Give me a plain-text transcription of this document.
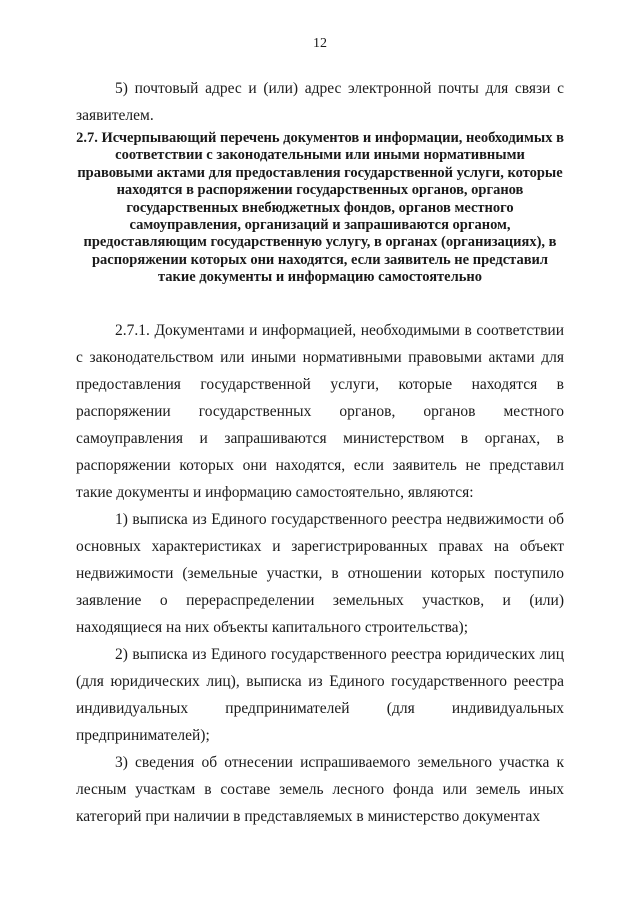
12

5) почтовый адрес и (или) адрес электронной почты для связи с заявителем.

2.7. Исчерпывающий перечень документов и информации, необходимых в соответствии с законодательными или иными нормативными правовыми актами для предоставления государственной услуги, которые находятся в распоряжении государственных органов, органов государственных внебюджетных фондов, органов местного самоуправления, организаций и запрашиваются органом, предоставляющим государственную услугу, в органах (организациях), в распоряжении которых они находятся, если заявитель не представил такие документы и информацию самостоятельно

2.7.1. Документами и информацией, необходимыми в соответствии с законодательством или иными нормативными правовыми актами для предоставления государственной услуги, которые находятся в распоряжении государственных органов, органов местного самоуправления и запрашиваются министерством в органах, в распоряжении которых они находятся, если заявитель не представил такие документы и информацию самостоятельно, являются:

1) выписка из Единого государственного реестра недвижимости об основных характеристиках и зарегистрированных правах на объект недвижимости (земельные участки, в отношении которых поступило заявление о перераспределении земельных участков, и (или) находящиеся на них объекты капитального строительства);

2) выписка из Единого государственного реестра юридических лиц (для юридических лиц), выписка из Единого государственного реестра индивидуальных предпринимателей (для индивидуальных предпринимателей);

3) сведения об отнесении испрашиваемого земельного участка к лесным участкам в составе земель лесного фонда или земель иных категорий при наличии в представляемых в министерство документах
